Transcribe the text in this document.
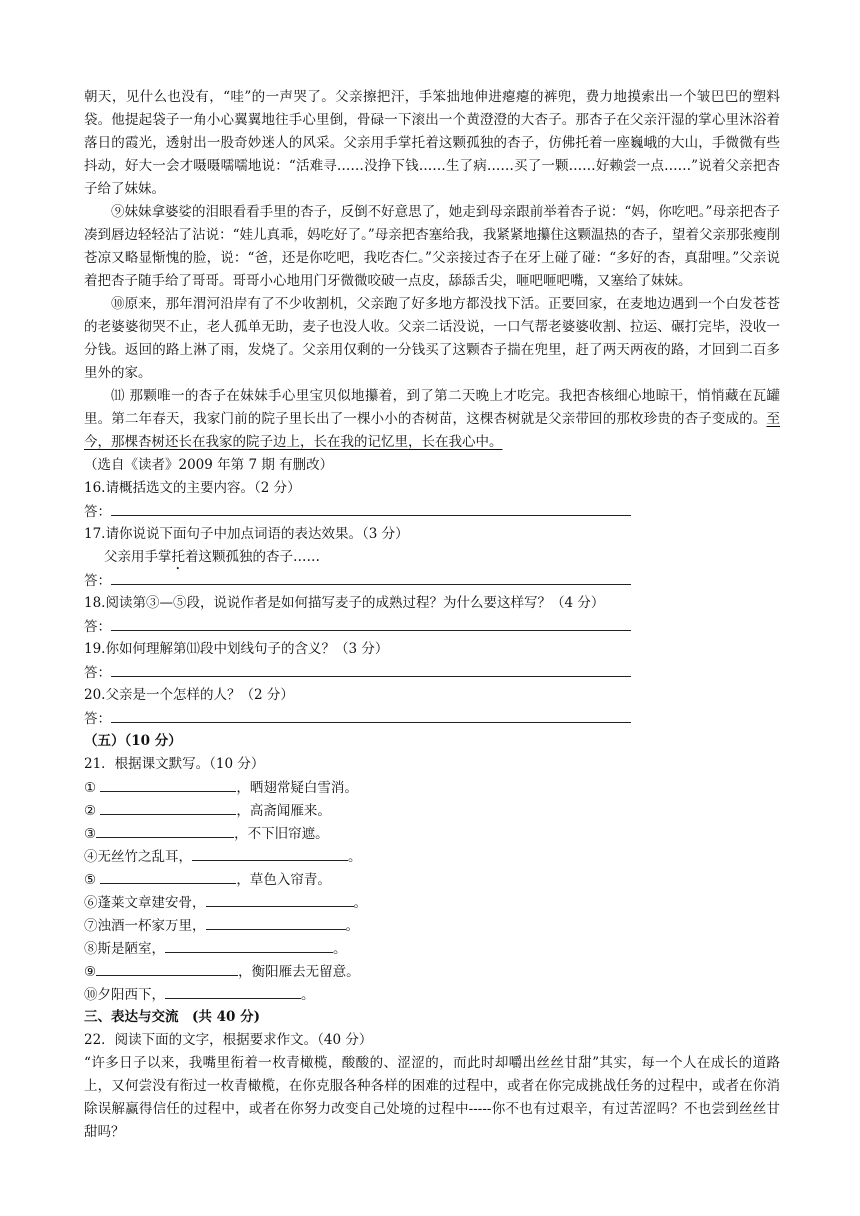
朝天，见什么也没有，“哇”的一声哭了。父亲擦把汗，手笨拙地伸进瘪瘪的裤兜，费力地摸索出一个皱巴巴的塑料袋。他提起袋子一角小心翼翼地往手心里倒，骨碌一下滚出一个黄澄澄的大杏子。那杏子在父亲汗湿的掌心里沐浴着落日的霞光，透射出一股奇妙迷人的风采。父亲用手掌托着这颗孤独的杏子，仿佛托着一座巍峨的大山，手微微有些抖动，好大一会才嗫嗫嚅嚅地说：“活难寻……没挣下钱……生了病……买了一颗……好赖尝一点……”说着父亲把杏子给了妹妹。

⑨妹妹拿婆娑的泪眼看看手里的杏子，反倒不好意思了，她走到母亲跟前举着杏子说：“妈，你吃吧。”母亲把杏子凑到唇边轻轻沾了沾说：“娃儿真乖，妈吃好了。”母亲把杏塞给我，我紧紧地攥住这颗温热的杏子，望着父亲那张瘦削苍凉又略显惭愧的脸，说：“爸，还是你吃吧，我吃杏仁。”父亲接过杏子在牙上碰了碰：“多好的杏，真甜哩。”父亲说着把杏子随手给了哥哥。哥哥小心地用门牙微微咬破一点皮，舔舔舌尖，咂吧咂吧嘴，又塞给了妹妹。

⑩原来，那年渭河沿岸有了不少收割机，父亲跑了好多地方都没找下活。正要回家，在麦地边遇到一个白发苍苍的老婆婆彻哭不止，老人孤单无助，麦子也没人收。父亲二话没说，一口气帮老婆婆收割、拉运、碾打完毕，没收一分钱。返回的路上淋了雨，发烧了。父亲用仅剩的一分钱买了这颗杏子揣在兜里，赶了两天两夜的路，才回到二百多里外的家。

⑾ 那颗唯一的杏子在妹妹手心里宝贝似地攥着，到了第二天晚上才吃完。我把杏核细心地晾干，悄悄藏在瓦罐里。第二年春天，我家门前的院子里长出了一棵小小的杏树苗，这棵杏树就是父亲带回的那枚珍贵的杏子变成的。至今，那棵杏树还长在我家的院子边上，长在我的记忆里，长在我心中。

（选自《读者》2009 年第 7 期 有删改）

16.请概括选文的主要内容。（2 分）

答：

17.请你说说下面句子中加点词语的表达效果。（3 分）

父亲用手掌托着这颗孤独的杏子……

答：

18.阅读第③—⑤段，说说作者是如何描写麦子的成熟过程？为什么要这样写？（4 分）

答：

19.你如何理解第⑾段中划线句子的含义？（3 分）

答：

20.父亲是一个怎样的人？（2 分）

答：

（五）（10 分）

21．根据课文默写。（10 分）

①	，晒翅常疑白雪消。

②	，高斋闻雁来。

③	，不下旧帘遮。

④无丝竹之乱耳，	。

⑤	，草色入帘青。

⑥蓬莱文章建安骨，	。

⑦浊酒一杯家万里，	。

⑧斯是陋室，	。

⑨	，衡阳雁去无留意。

⑩夕阳西下，	。

三、表达与交流　(共 40 分)

22．阅读下面的文字，根据要求作文。（40 分）

“许多日子以来，我嘴里衔着一枚青橄榄，酸酸的、涩涩的，而此时却嚼出丝丝甘甜”其实，每一个人在成长的道路上，又何尝没有衔过一枚青橄榄，在你克服各种各样的困难的过程中，或者在你完成挑战任务的过程中，或者在你消除误解赢得信任的过程中，或者在你努力改变自己处境的过程中-----你不也有过艰辛，有过苦涩吗？不也尝到丝丝甘甜吗？
